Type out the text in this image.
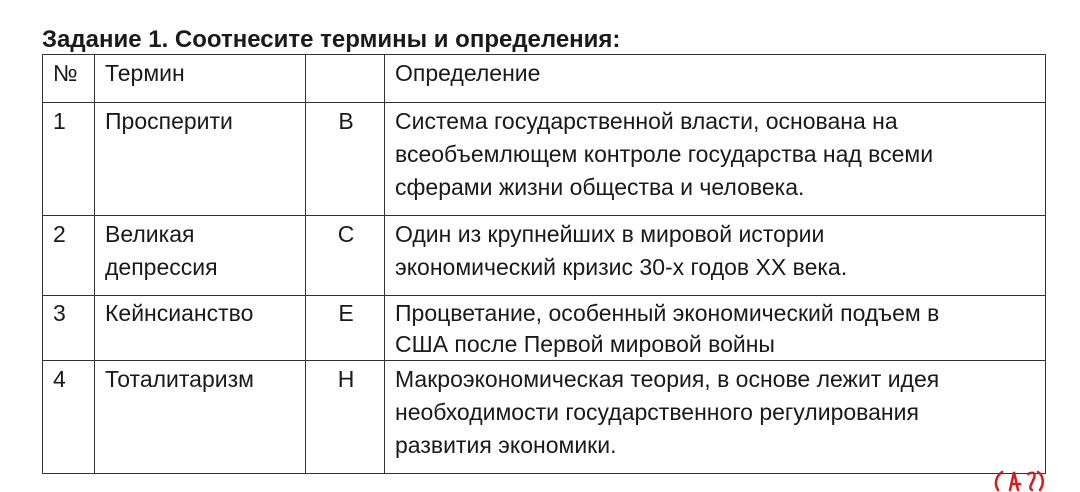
Задание 1. Соотнесите термины и определения:
№	Термин		Определение
1	Просперити	В	Система государственной власти, основана на
всеобъемлющем контроле государства над всеми
сферами жизни общества и человека.
2	Великая
депрессия	С	Один из крупнейших в мировой истории
экономический кризис 30-х годов XX века.
3	Кейнсианство	Е	Процветание, особенный экономический подъем в
США после Первой мировой войны
4	Тоталитаризм	Н	Макроэкономическая теория, в основе лежит идея
необходимости государственного регулирования
развития экономики.
